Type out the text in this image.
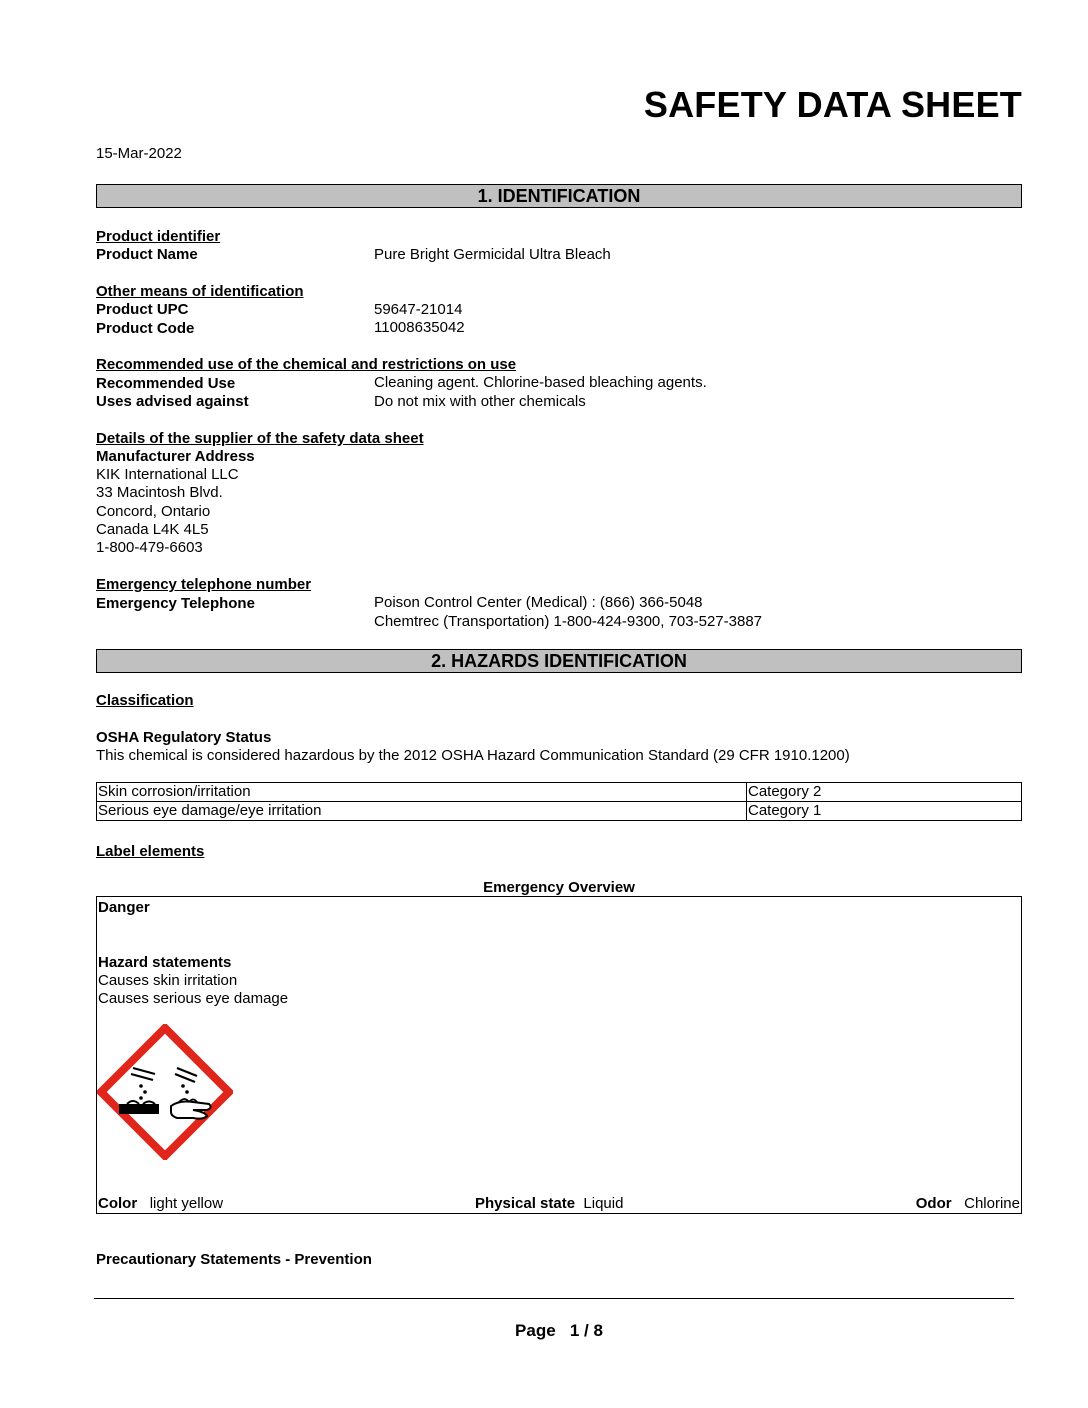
SAFETY DATA SHEET
15-Mar-2022
1. IDENTIFICATION
Product identifier
Product Name	Pure Bright Germicidal Ultra Bleach
Other means of identification
Product UPC	59647-21014
Product Code	11008635042
Recommended use of the chemical and restrictions on use
Recommended Use	Cleaning agent. Chlorine-based bleaching agents.
Uses advised against	Do not mix with other chemicals
Details of the supplier of the safety data sheet
Manufacturer Address
KIK International LLC
33 Macintosh Blvd.
Concord, Ontario
Canada L4K 4L5
1-800-479-6603
Emergency telephone number
Emergency Telephone	Poison Control Center (Medical) : (866) 366-5048
Chemtrec (Transportation) 1-800-424-9300, 703-527-3887
2. HAZARDS IDENTIFICATION
Classification
OSHA Regulatory Status
This chemical is considered hazardous by the 2012 OSHA Hazard Communication Standard (29 CFR 1910.1200)
Skin corrosion/irritation	Category 2
Serious eye damage/eye irritation	Category 1
Label elements
Emergency Overview
Danger
Hazard statements
Causes skin irritation
Causes serious eye damage
Color light yellow	Physical state Liquid	Odor Chlorine
Precautionary Statements - Prevention
Page 1 / 8
